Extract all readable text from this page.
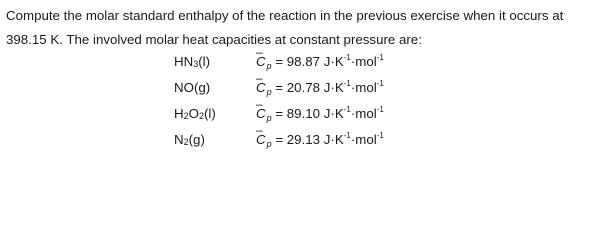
Compute the molar standard enthalpy of the reaction in the previous exercise when it occurs at 398.15 K. The involved molar heat capacities at constant pressure are:

$HN_3(l)$	– $C_p = 98.87$ $J\cdot K^{-1}\cdot mol^{-1}$
NO(g)	– $C_p = 20.78$ $J\cdot K^{-1}\cdot mol^{-1}$
$H_2O_2(l)$	– $C_p = 89.10$ $J\cdot K^{-1}\cdot mol^{-1}$
$N_2(g)$	– $C_p = 29.13$ $J\cdot K^{-1}\cdot mol^{-1}$
